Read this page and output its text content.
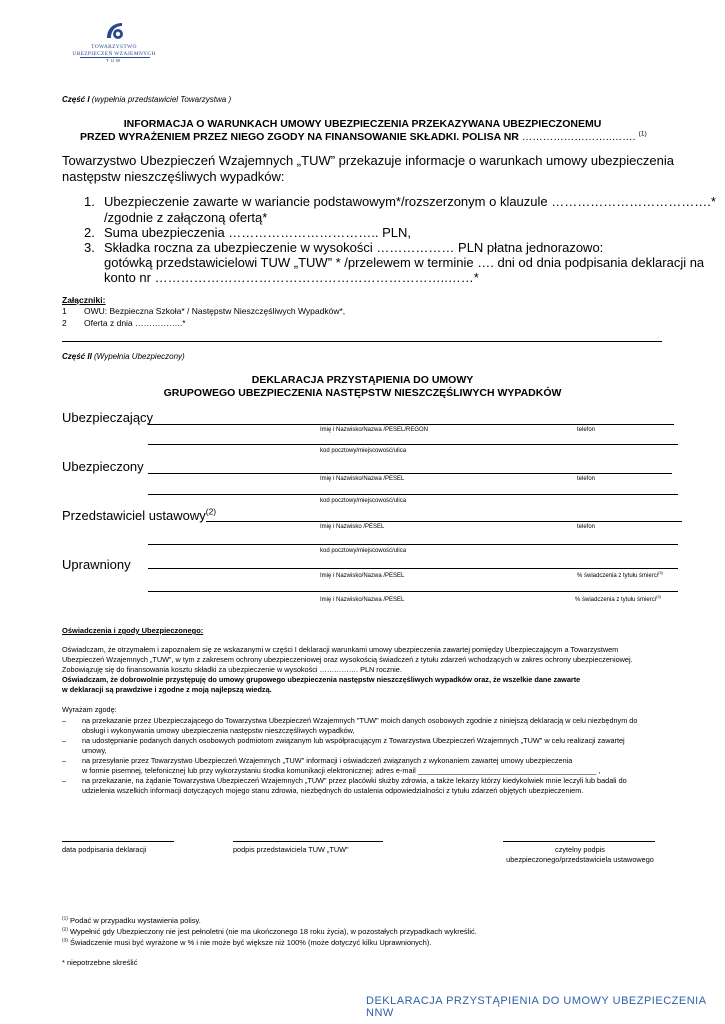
TOWARZYSTWO
UBEZPIECZEŃ WZAJEMNYCH
TUW
Część I (wypełnia przedstawiciel Towarzystwa )
INFORMACJA O WARUNKACH UMOWY UBEZPIECZENIA PRZEKAZYWANA UBEZPIECZONEMU
PRZED WYRAŻENIEM PRZEZ NIEGO ZGODY NA FINANSOWANIE SKŁADKI. POLISA NR ……………………..……. $^{(1)}$
Towarzystwo Ubezpieczeń Wzajemnych „TUW” przekazuje informacje o warunkach umowy ubezpieczenia
następstw nieszczęśliwych wypadków:
1. Ubezpieczenie zawarte w wariancie podstawowym*/rozszerzonym o klauzule ……………………………….*
/zgodnie z załączoną ofertą*
2. Suma ubezpieczenia …………………………….. PLN,
3. Składka roczna za ubezpieczenie w wysokości ……………… PLN płatna jednorazowo:
gotówką przedstawicielowi TUW „TUW” * /przelewem w terminie …. dni od dnia podpisania deklaracji na
konto nr …………………………………………………………..……*
Załączniki:
1 OWU: Bezpieczna Szkoła* / Następstw Nieszczęśliwych Wypadków*,
2 Oferta z dnia ……………..*
Część II (Wypełnia Ubezpieczony)
DEKLARACJA PRZYSTĄPIENIA DO UMOWY
GRUPOWEGO UBEZPIECZENIA NASTĘPSTW NIESZCZĘŚLIWYCH WYPADKÓW
Ubezpieczający
Imię i Nazwisko/Nazwa /PESEL/REGON	telefon
kod pocztowy/miejscowość/ulica
Ubezpieczony
Imię i Nazwisko/Nazwa /PESEL	telefon
kod pocztowy/miejscowość/ulica
Przedstawiciel ustawowy$^{(2)}$
Imię i Nazwisko /PESEL	telefon
kod pocztowy/miejscowość/ulica
Uprawniony
Imię i Nazwisko/Nazwa /PESEL	% świadczenia z tytułu śmierci$^{(3)}$
Imię i Nazwisko/Nazwa /PESEL	% świadczenia z tytułu śmierci$^{(3)}$
Oświadczenia i zgody Ubezpieczonego:
Oświadczam, że otrzymałem i zapoznałem się ze wskazanymi w części I deklaracji warunkami umowy ubezpieczenia zawartej pomiędzy Ubezpieczającym a Towarzystwem
Ubezpieczeń Wzajemnych „TUW”, w tym z zakresem ochrony ubezpieczeniowej oraz wysokością świadczeń z tytułu zdarzeń wchodzących w zakres ochrony ubezpieczeniowej.
Zobowiązuję się do finansowania kosztu składki za ubezpieczenie w wysokości ……………. PLN rocznie.
Oświadczam, że dobrowolnie przystępuję do umowy grupowego ubezpieczenia następstw nieszczęśliwych wypadków oraz, że wszelkie dane zawarte
w deklaracji są prawdziwe i zgodne z moją najlepszą wiedzą.
Wyrażam zgodę:
– na przekazanie przez Ubezpieczającego do Towarzystwa Ubezpieczeń Wzajemnych "TUW" moich danych osobowych zgodnie z niniejszą deklaracją w celu niezbędnym do
obsługi i wykonywania umowy ubezpieczenia następstw nieszczęśliwych wypadków,
– na udostępnianie podanych danych osobowych podmiotom związanym lub współpracującym z Towarzystwa Ubezpieczeń Wzajemnych „TUW" w celu realizacji zawartej
umowy,
– na przesyłanie przez Towarzystwo Ubezpieczeń Wzajemnych „TUW" informacji i oświadczeń związanych z wykonaniem zawartej umowy ubezpieczenia
w formie pisemnej, telefonicznej lub przy wykorzystaniu środka komunikacji elektronicznej: adres e-mail ____________________________________________ ,
– na przekazanie, na żądanie Towarzystwa Ubezpieczeń Wzajemnych „TUW" przez placówki służby zdrowia, a także lekarzy którzy kiedykolwiek mnie leczyli lub badali do
udzielenia wszelkich informacji dotyczących mojego stanu zdrowia, niezbędnych do ustalenia odpowiedzialności z tytułu zdarzeń objętych ubezpieczeniem.
data podpisania deklaracji	podpis przedstawiciela TUW „TUW"	czytelny podpis
ubezpieczonego/przedstawiciela ustawowego
$^{(1)}$ Podać w przypadku wystawienia polisy.
$^{(2)}$ Wypełnić gdy Ubezpieczony nie jest pełnoletni (nie ma ukończonego 18 roku życia), w pozostałych przypadkach wykreślić.
$^{(3)}$ Świadczenie musi być wyrażone w % i nie może być większe niż 100% (może dotyczyć kilku Uprawnionych).
* niepotrzebne skreślić
DEKLARACJA PRZYSTĄPIENIA DO UMOWY UBEZPIECZENIA NNW
